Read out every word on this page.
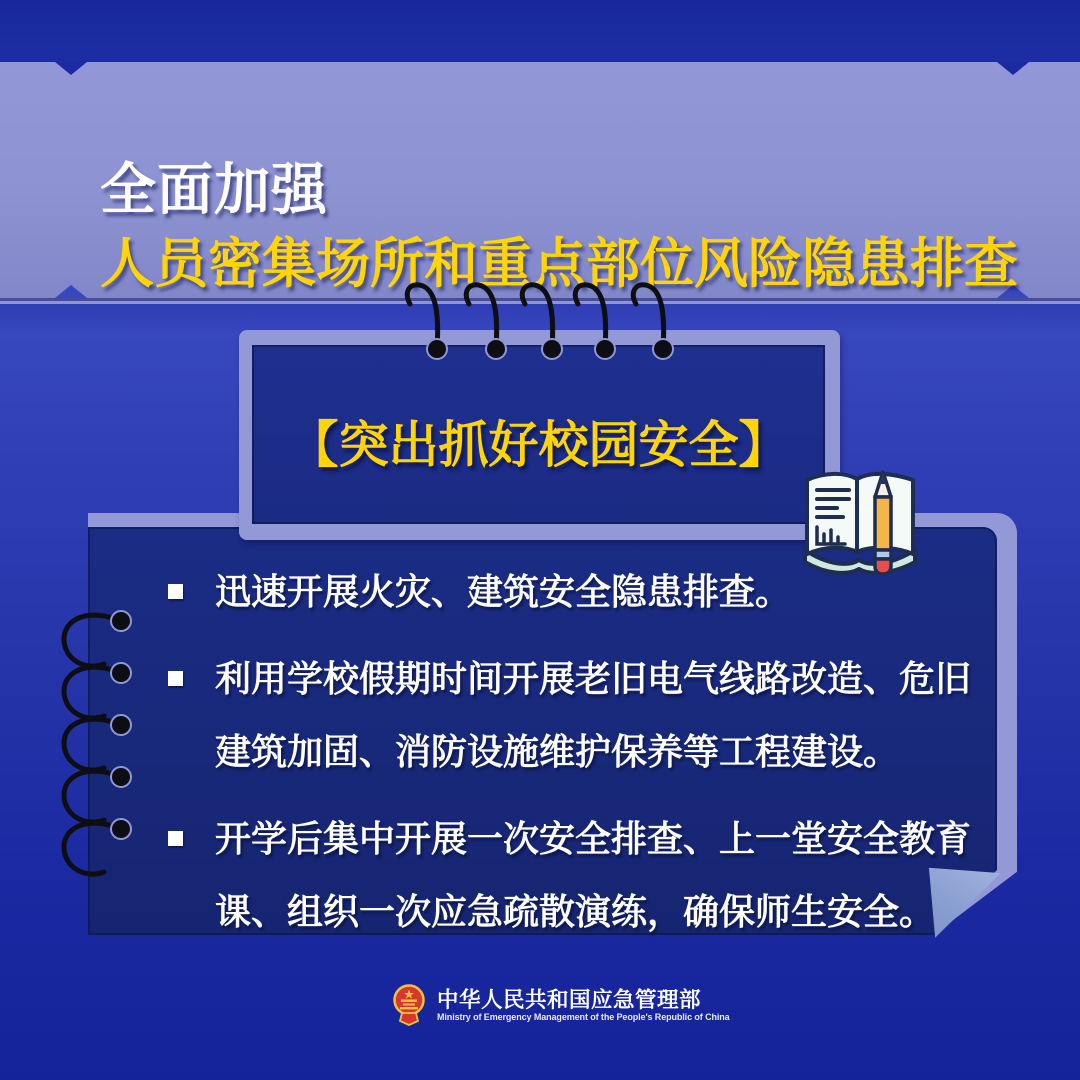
全面加强
人员密集场所和重点部位风险隐患排查
迅速开展火灾、建筑安全隐患排查。
利用学校假期时间开展老旧电气线路改造、危旧建筑加固、消防设施维护保养等工程建设。
开学后集中开展一次安全排查、上一堂安全教育课、组织一次应急疏散演练，确保师生安全。
【突出抓好校园安全】

中华人民共和国应急管理部

Ministry of Emergency Management of the People's Republic of China
